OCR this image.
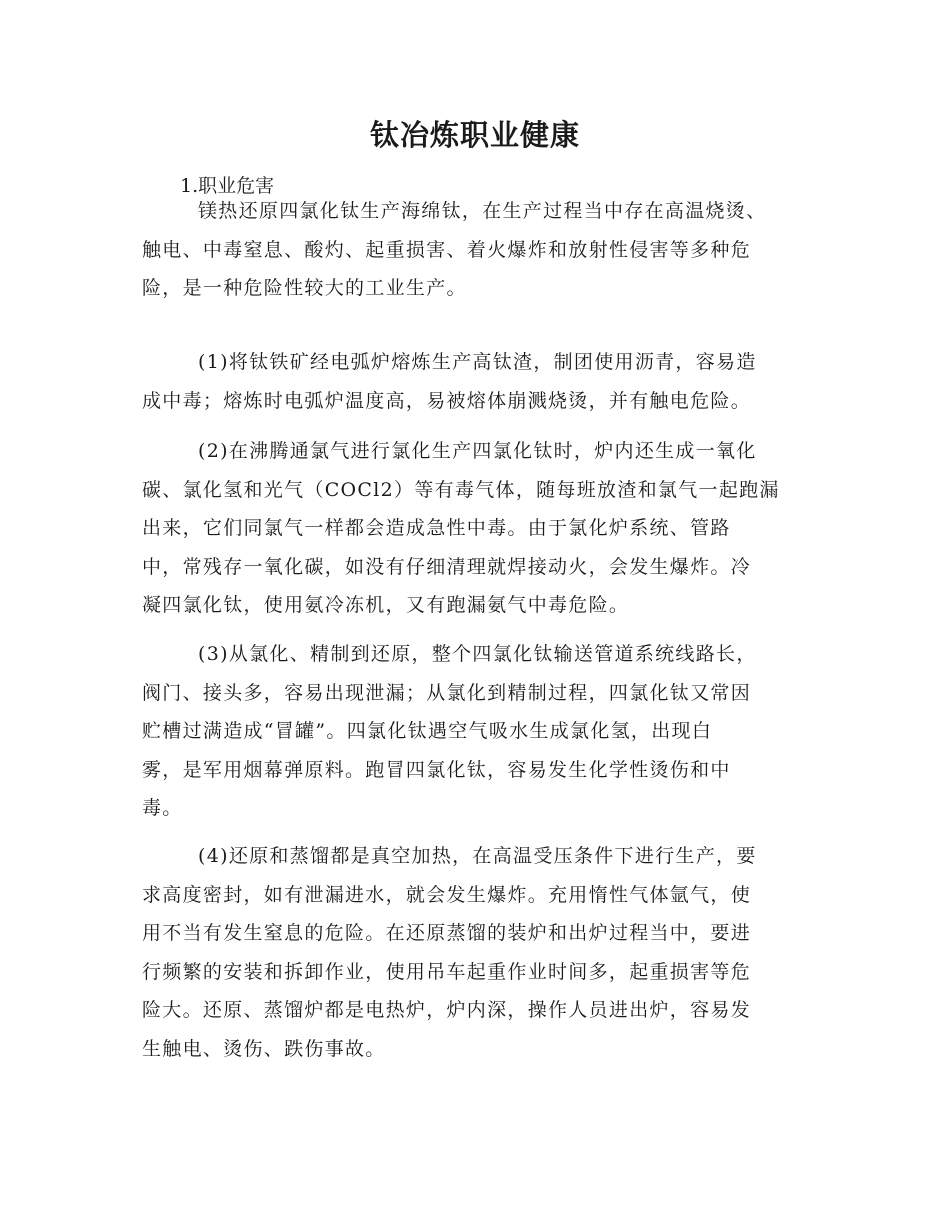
钛冶炼职业健康

1.职业危害

镁热还原四氯化钛生产海绵钛，在生产过程当中存在高温烧烫、
触电、中毒窒息、酸灼、起重损害、着火爆炸和放射性侵害等多种危
险，是一种危险性较大的工业生产。

(1)将钛铁矿经电弧炉熔炼生产高钛渣，制团使用沥青，容易造
成中毒；熔炼时电弧炉温度高，易被熔体崩溅烧烫，并有触电危险。

(2)在沸腾通氯气进行氯化生产四氯化钛时，炉内还生成一氧化
碳、氯化氢和光气（COCl2）等有毒气体，随每班放渣和氯气一起跑漏
出来，它们同氯气一样都会造成急性中毒。由于氯化炉系统、管路
中，常残存一氧化碳，如没有仔细清理就焊接动火，会发生爆炸。冷
凝四氯化钛，使用氨冷冻机，又有跑漏氨气中毒危险。

(3)从氯化、精制到还原，整个四氯化钛输送管道系统线路长，
阀门、接头多，容易出现泄漏；从氯化到精制过程，四氯化钛又常因
贮槽过满造成“冒罐”。四氯化钛遇空气吸水生成氯化氢，出现白
雾，是军用烟幕弹原料。跑冒四氯化钛，容易发生化学性烫伤和中
毒。

(4)还原和蒸馏都是真空加热，在高温受压条件下进行生产，要
求高度密封，如有泄漏进水，就会发生爆炸。充用惰性气体氩气，使
用不当有发生窒息的危险。在还原蒸馏的装炉和出炉过程当中，要进
行频繁的安装和拆卸作业，使用吊车起重作业时间多，起重损害等危
险大。还原、蒸馏炉都是电热炉，炉内深，操作人员进出炉，容易发
生触电、烫伤、跌伤事故。
